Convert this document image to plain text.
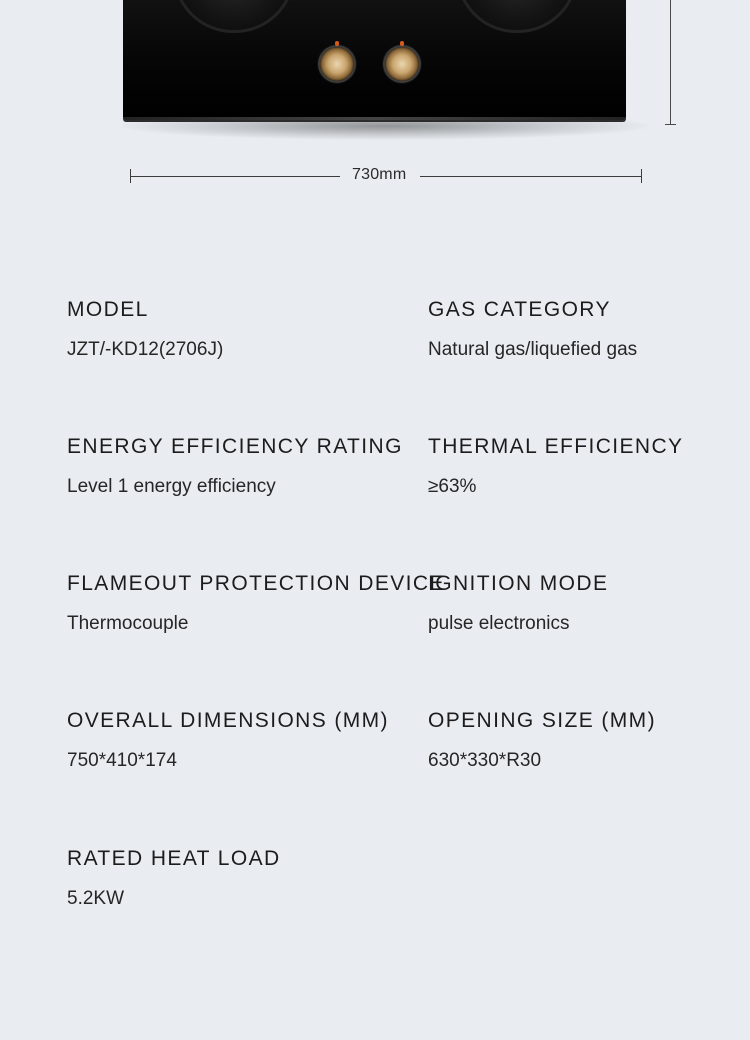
730mm
MODEL
JZT/-KD12(2706J)
GAS CATEGORY
Natural gas/liquefied gas
ENERGY EFFICIENCY RATING
Level 1 energy efficiency
THERMAL EFFICIENCY
≥63%
FLAMEOUT PROTECTION DEVICE
Thermocouple
IGNITION MODE
pulse electronics
OVERALL DIMENSIONS (MM)
750*410*174
OPENING SIZE (MM)
630*330*R30
RATED HEAT LOAD
5.2KW
